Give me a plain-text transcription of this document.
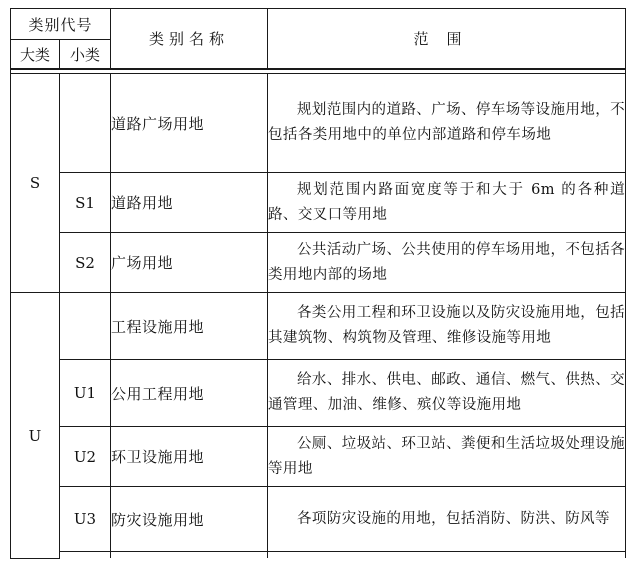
类别代号		类别名称	范围
大类	小类		

S		道路广场用地	规划范围内的道路、广场、停车场等设施用地，不包括各类用地中的单位内部道路和停车场地
	S1	道路用地	规划范围内路面宽度等于和大于 6m 的各种道路、交叉口等用地
	S2	广场用地	公共活动广场、公共使用的停车场用地，不包括各类用地内部的场地
U		工程设施用地	各类公用工程和环卫设施以及防灾设施用地，包括其建筑物、构筑物及管理、维修设施等用地
	U1	公用工程用地	给水、排水、供电、邮政、通信、燃气、供热、交通管理、加油、维修、殡仪等设施用地
	U2	环卫设施用地	公厕、垃圾站、环卫站、粪便和生活垃圾处理设施等用地
	U3	防灾设施用地	各项防灾设施的用地，包括消防、防洪、防风等
